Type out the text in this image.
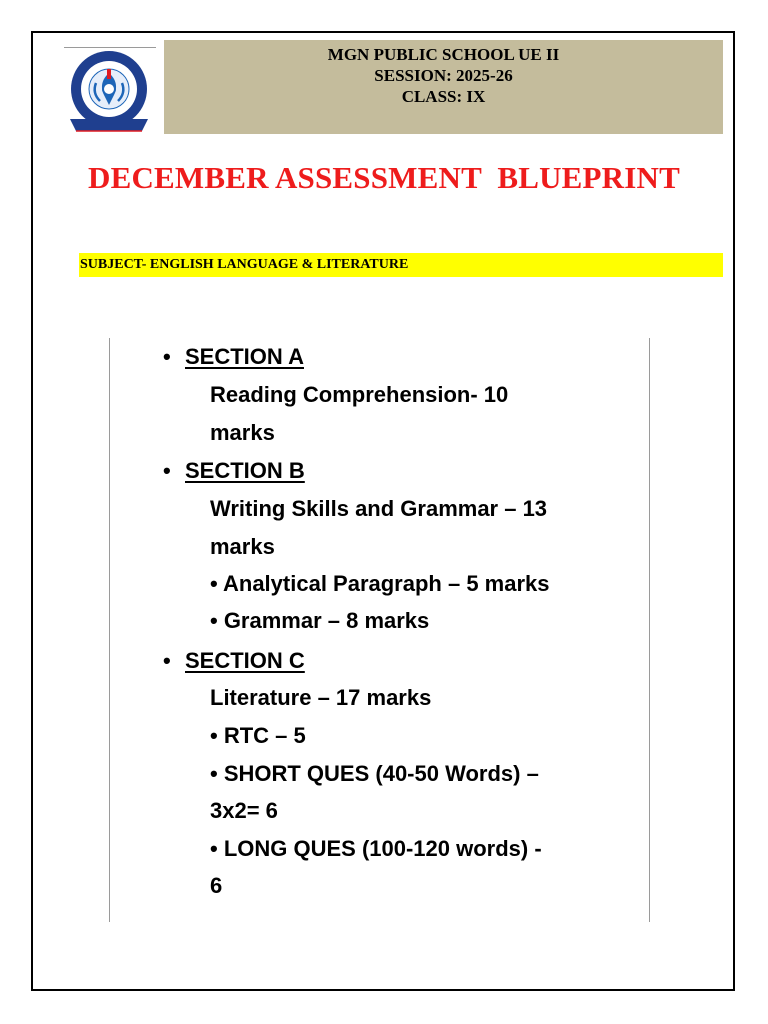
MGN PUBLIC SCHOOL UE II
SESSION: 2025-26
CLASS: IX
DECEMBER ASSESSMENT  BLUEPRINT
SUBJECT- ENGLISH LANGUAGE & LITERATURE
• SECTION A
Reading Comprehension- 10
marks
• SECTION B
Writing Skills and Grammar – 13
marks
• Analytical Paragraph – 5 marks
• Grammar – 8 marks
• SECTION C
Literature – 17 marks
• RTC – 5
• SHORT QUES (40-50 Words) –
3x2= 6
• LONG QUES (100-120 words) -
6
